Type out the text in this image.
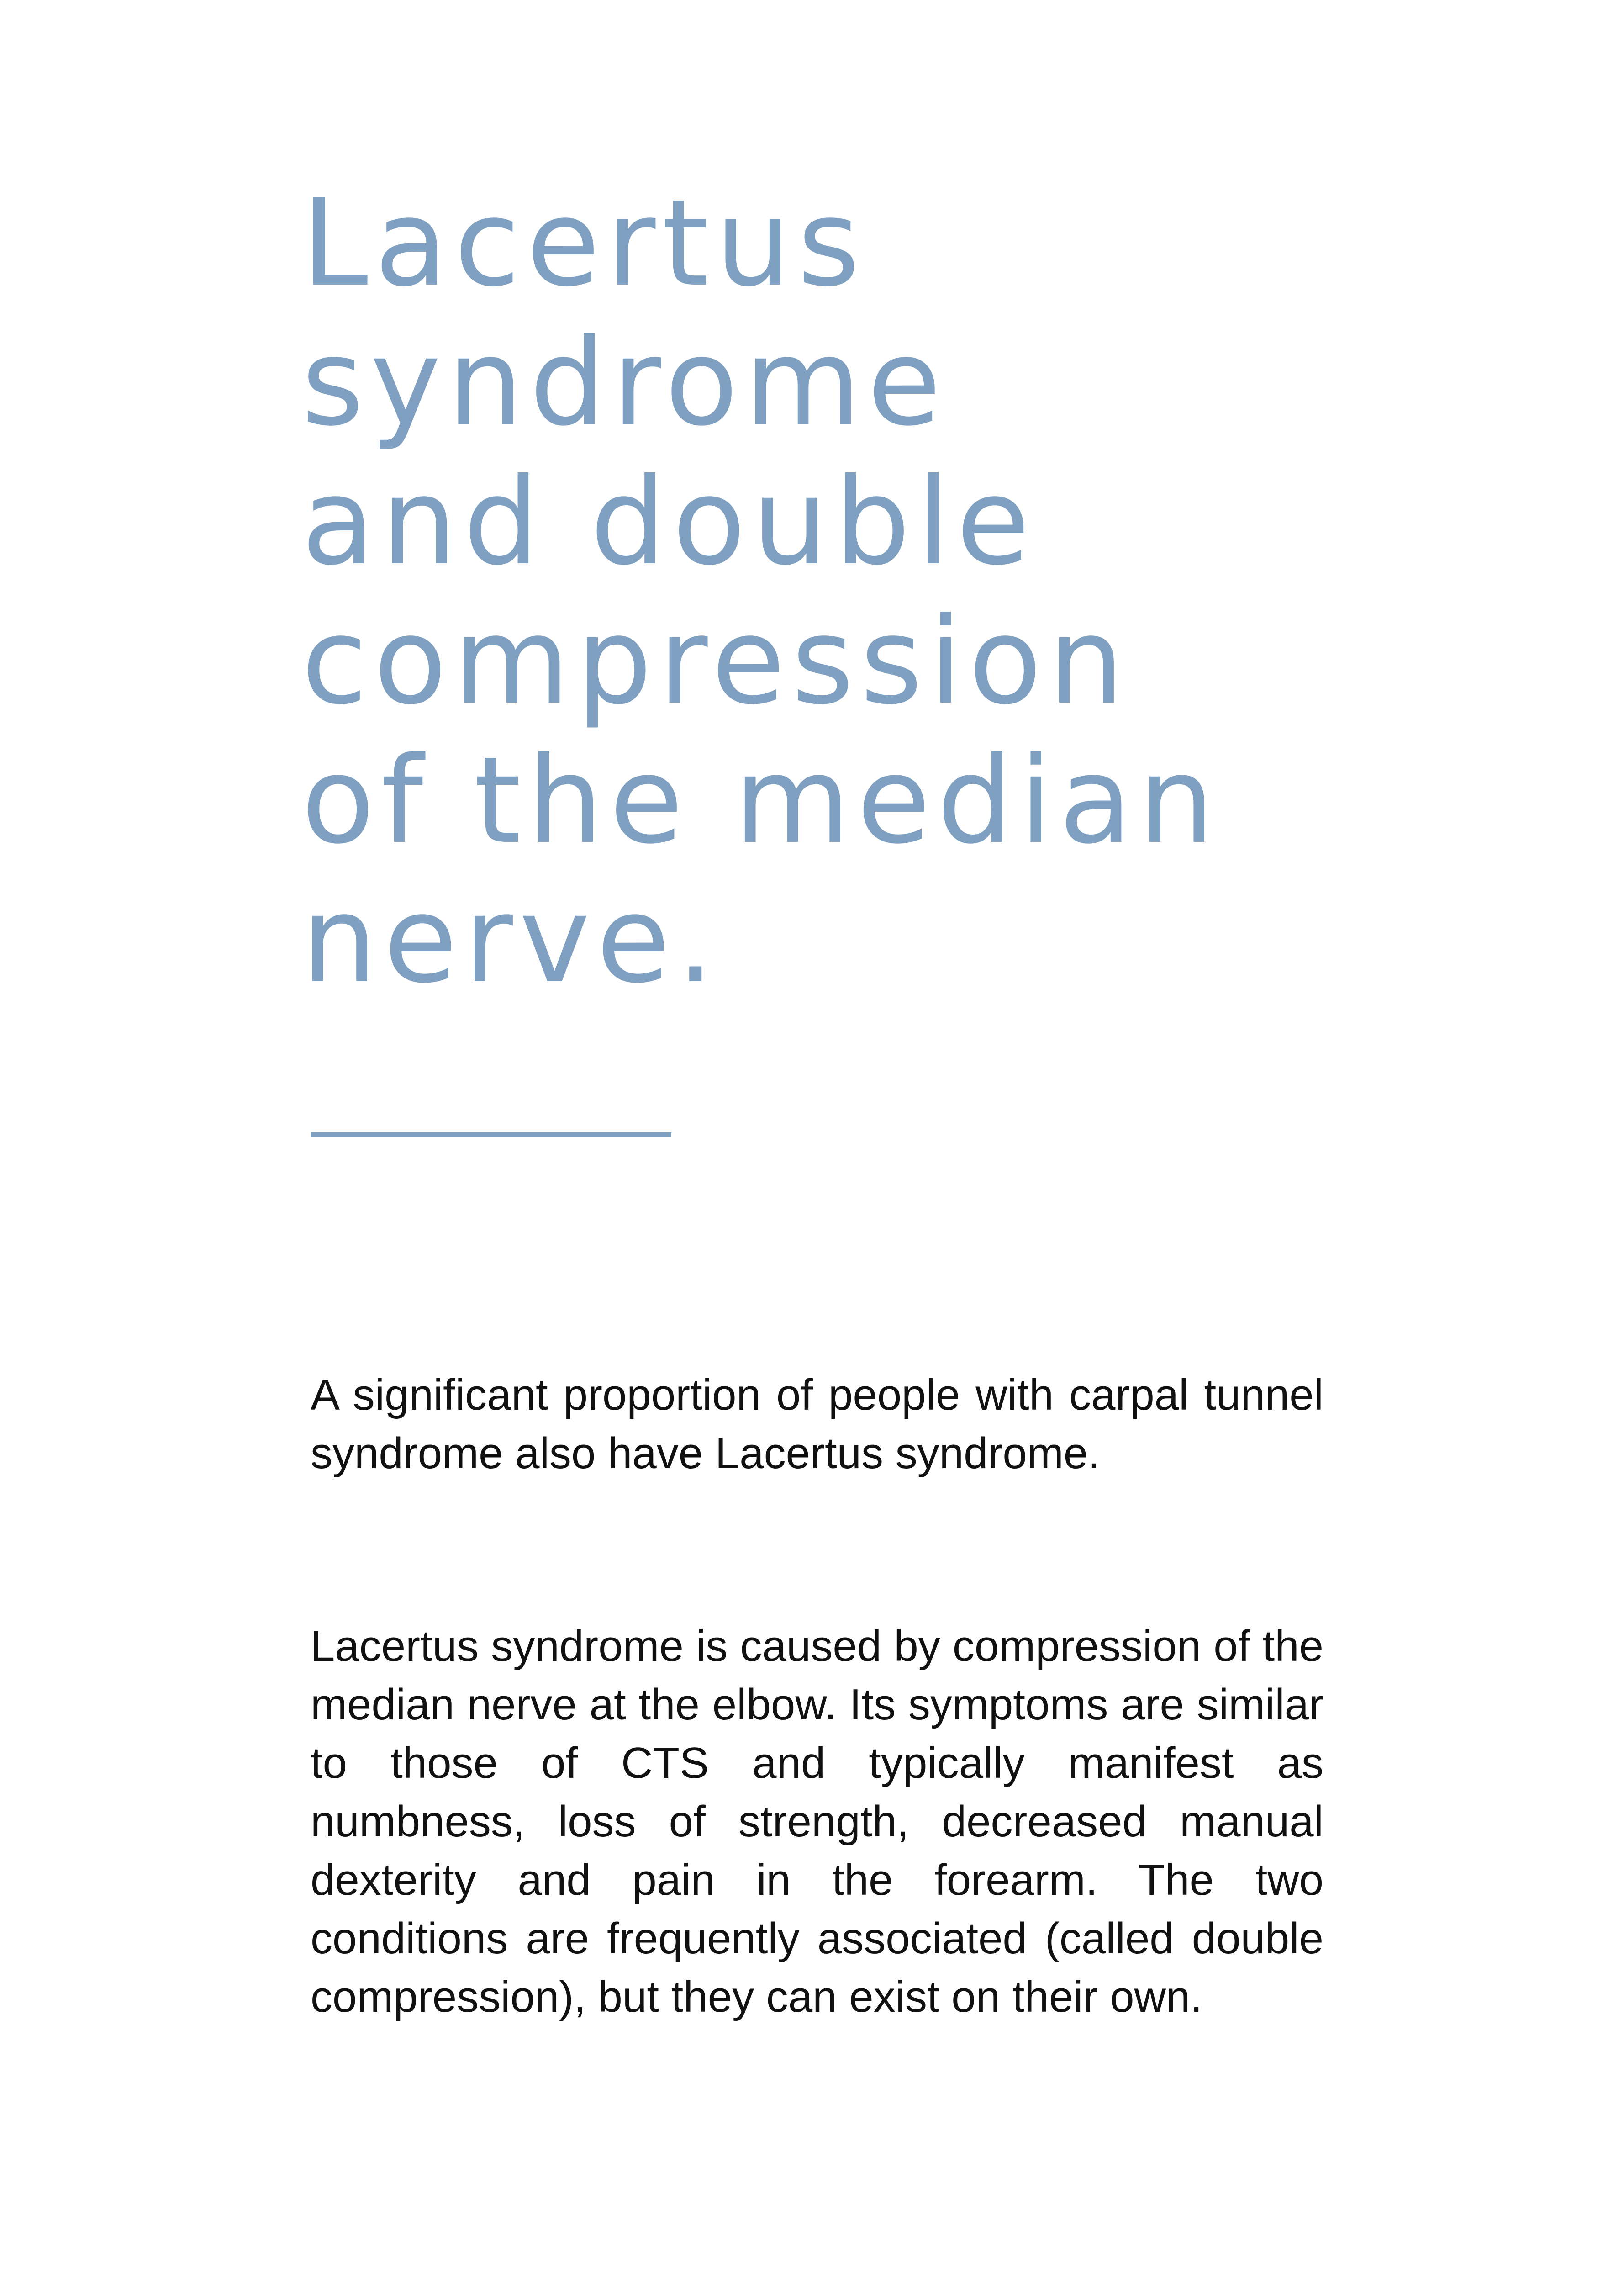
Lacertus
syndrome
and double
compression
of the median
nerve.

A significant proportion of people with carpal tunnel syndrome also have Lacertus syndrome.

Lacertus syndrome is caused by compression of the median nerve at the elbow. Its symptoms are similar to those of CTS and typically manifest as numbness, loss of strength, decreased manual dexterity and pain in the forearm. The two conditions are frequently associated (called double compression), but they can exist on their own.
